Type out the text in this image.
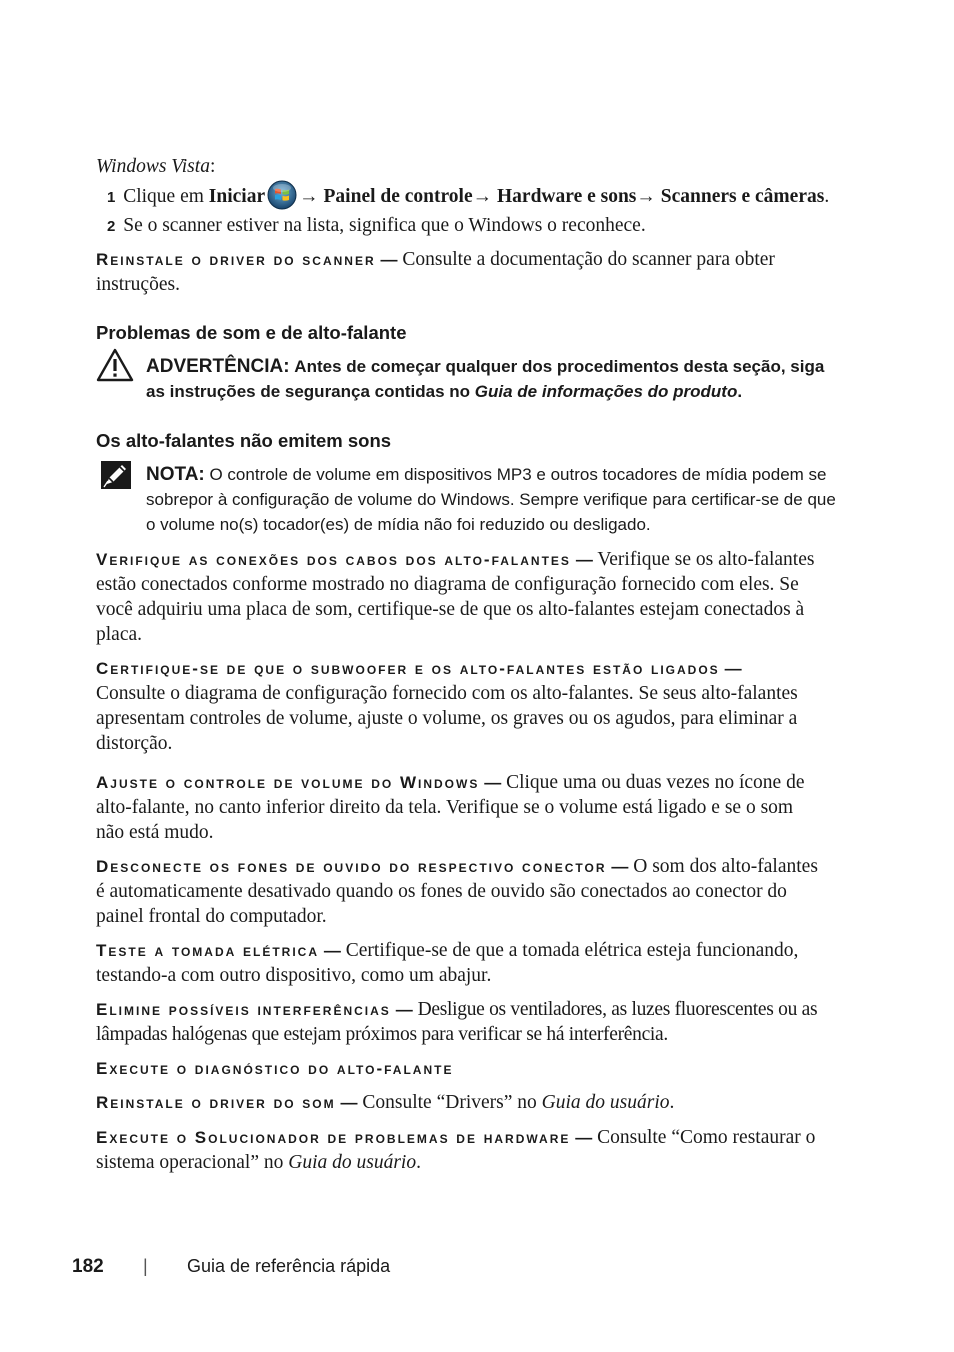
Windows Vista:

1 Clique em Iniciar → Painel de controle→ Hardware e sons→ Scanners e câmeras.

2 Se o scanner estiver na lista, significa que o Windows o reconhece.

Reinstale o driver do scanner — Consulte a documentação do scanner para obter instruções.

Problemas de som e de alto-falante

ADVERTÊNCIA: Antes de começar qualquer dos procedimentos desta seção, siga as instruções de segurança contidas no Guia de informações do produto.

Os alto-falantes não emitem sons

NOTA: O controle de volume em dispositivos MP3 e outros tocadores de mídia podem se sobrepor à configuração de volume do Windows. Sempre verifique para certificar-se de que o volume no(s) tocador(es) de mídia não foi reduzido ou desligado.

Verifique as conexões dos cabos dos alto-falantes — Verifique se os alto-falantes estão conectados conforme mostrado no diagrama de configuração fornecido com eles. Se você adquiriu uma placa de som, certifique-se de que os alto-falantes estejam conectados à placa.

Certifique-se de que o subwoofer e os alto-falantes estão ligados —
Consulte o diagrama de configuração fornecido com os alto-falantes. Se seus alto-falantes apresentam controles de volume, ajuste o volume, os graves ou os agudos, para eliminar a distorção.

Ajuste o controle de volume do Windows — Clique uma ou duas vezes no ícone de alto-falante, no canto inferior direito da tela. Verifique se o volume está ligado e se o som não está mudo.

Desconecte os fones de ouvido do respectivo conector — O som dos alto-falantes é automaticamente desativado quando os fones de ouvido são conectados ao conector do painel frontal do computador.

Teste a tomada elétrica — Certifique-se de que a tomada elétrica esteja funcionando, testando-a com outro dispositivo, como um abajur.

Elimine possíveis interferências — Desligue os ventiladores, as luzes fluorescentes ou as lâmpadas halógenas que estejam próximos para verificar se há interferência.

Execute o diagnóstico do alto-falante

Reinstale o driver do som — Consulte “Drivers” no Guia do usuário.

Execute o Solucionador de problemas de hardware — Consulte “Como restaurar o sistema operacional” no Guia do usuário.

182 | Guia de referência rápida
